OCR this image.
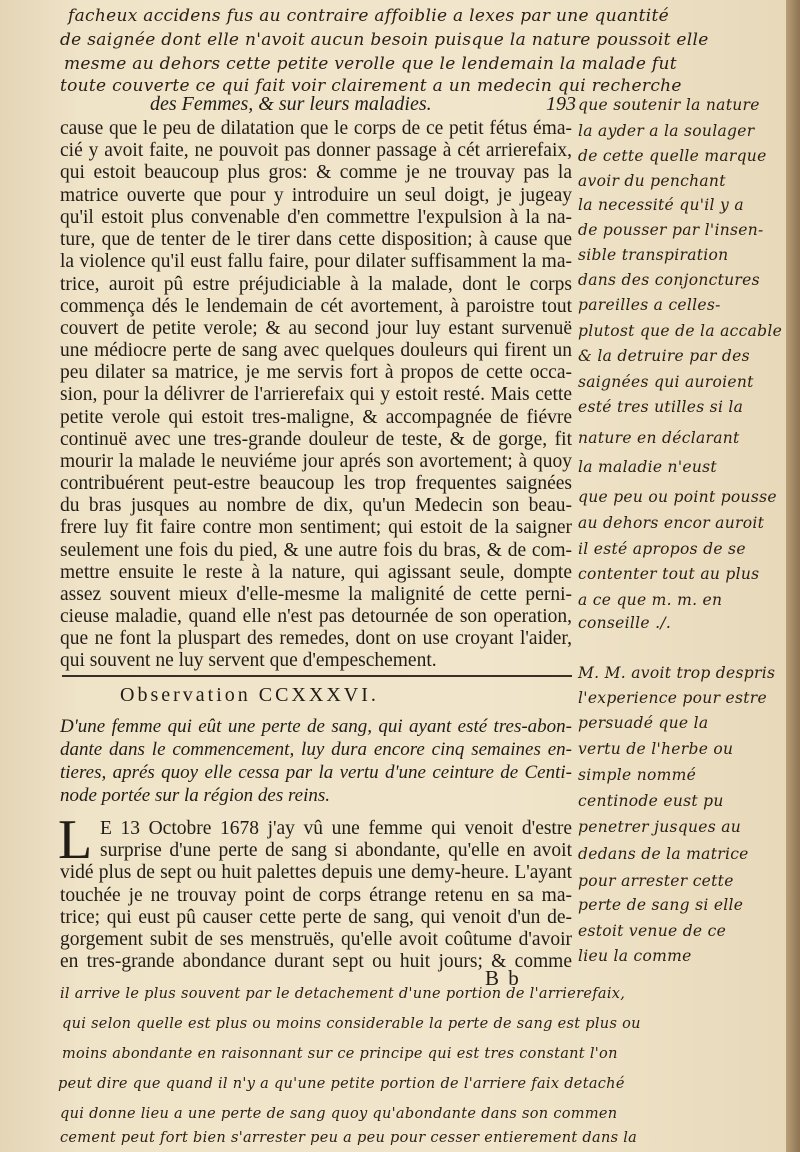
facheux accidens fus au contraire affoiblie a lexes par une quantité
de saignée dont elle n'avoit aucun besoin puisque la nature poussoit elle
mesme au dehors cette petite verolle que le lendemain la malade fut
toute couverte ce qui fait voir clairement a un medecin qui recherche
des Femmes, & sur leurs maladies.	193
cause que le peu de dilatation que le corps de ce petit fétus éma-
cié y avoit faite, ne pouvoit pas donner passage à cét arrierefaix,
qui estoit beaucoup plus gros: & comme je ne trouvay pas la
matrice ouverte que pour y introduire un seul doigt, je jugeay
qu'il estoit plus convenable d'en commettre l'expulsion à la na-
ture, que de tenter de le tirer dans cette disposition; à cause que
la violence qu'il eust fallu faire, pour dilater suffisamment la ma-
trice, auroit pû estre préjudiciable à la malade, dont le corps
commença dés le lendemain de cét avortement, à paroistre tout
couvert de petite verole; & au second jour luy estant survenuë
une médiocre perte de sang avec quelques douleurs qui firent un
peu dilater sa matrice, je me servis fort à propos de cette occa-
sion, pour la délivrer de l'arrierefaix qui y estoit resté. Mais cette
petite verole qui estoit tres-maligne, & accompagnée de fiévre
continuë avec une tres-grande douleur de teste, & de gorge, fit
mourir la malade le neuviéme jour aprés son avortement; à quoy
contribuérent peut-estre beaucoup les trop frequentes saignées
du bras jusques au nombre de dix, qu'un Medecin son beau-
frere luy fit faire contre mon sentiment; qui estoit de la saigner
seulement une fois du pied, & une autre fois du bras, & de com-
mettre ensuite le reste à la nature, qui agissant seule, dompte
assez souvent mieux d'elle-mesme la malignité de cette perni-
cieuse maladie, quand elle n'est pas detournée de son operation,
que ne font la pluspart des remedes, dont on use croyant l'aider,
qui souvent ne luy servent que d'empeschement.
Observation CCXXXVI.
D'une femme qui eût une perte de sang, qui ayant esté tres-abon-
dante dans le commencement, luy dura encore cinq semaines en-
tieres, aprés quoy elle cessa par la vertu d'une ceinture de Centi-
node portée sur la région des reins.
L E 13 Octobre 1678 j'ay vû une femme qui venoit d'estre
surprise d'une perte de sang si abondante, qu'elle en avoit
vidé plus de sept ou huit palettes depuis une demy-heure. L'ayant
touchée je ne trouvay point de corps étrange retenu en sa ma-
trice; qui eust pû causer cette perte de sang, qui venoit d'un de-
gorgement subit de ses menstruës, qu'elle avoit coûtume d'avoir
en tres-grande abondance durant sept ou huit jours; & comme
B b
que soutenir la nature
la ayder a la soulager
de cette quelle marque
avoir du penchant
la necessité qu'il y a
de pousser par l'insen-
sible transpiration
dans des conjonctures
pareilles a celles-
plutost que de la accable
& la detruire par des
saignées qui auroient
esté tres utilles si la
nature en déclarant
la maladie n'eust
que peu ou point pousse
au dehors encor auroit
il esté apropos de se
contenter tout au plus
a ce que m. m. en
conseille ./.
M. M. avoit trop despris
l'experience pour estre
persuadé que la
vertu de l'herbe ou
simple nommé
centinode eust pu
penetrer jusques au
dedans de la matrice
pour arrester cette
perte de sang si elle
estoit venue de ce
lieu la comme
il arrive le plus souvent par le detachement d'une portion de l'arrierefaix,
qui selon quelle est plus ou moins considerable la perte de sang est plus ou
moins abondante en raisonnant sur ce principe qui est tres constant l'on
peut dire que quand il n'y a qu'une petite portion de l'arriere faix detaché
qui donne lieu a une perte de sang quoy qu'abondante dans son commen
cement peut fort bien s'arrester peu a peu pour cesser entierement dans la
